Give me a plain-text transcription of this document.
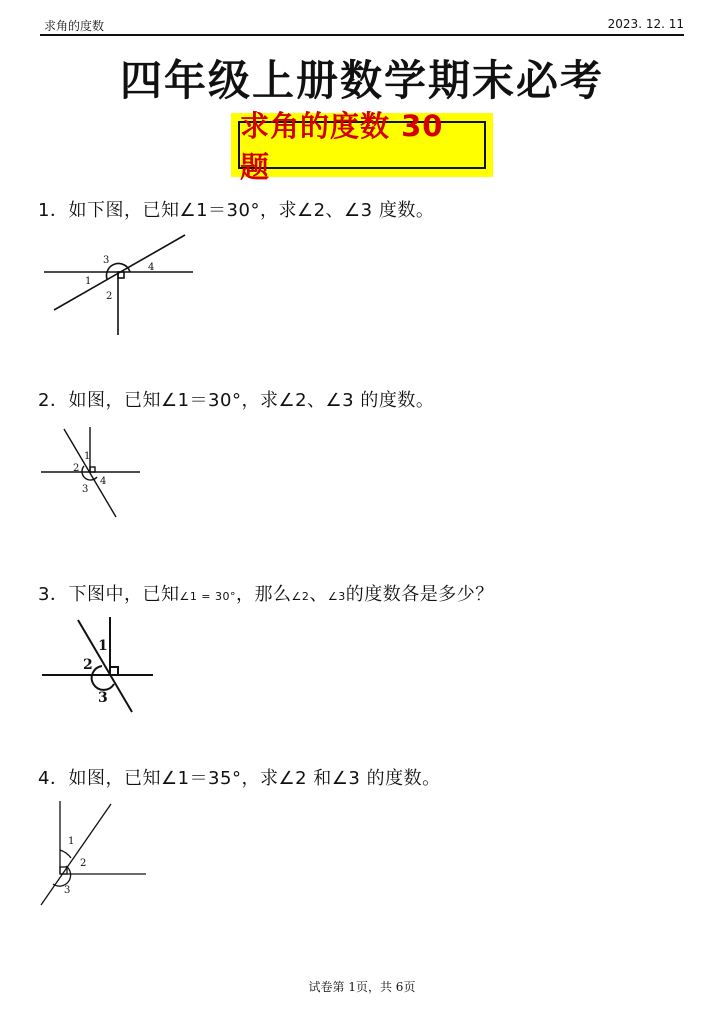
求角的度数	2023. 12. 11
四年级上册数学期末必考
求角的度数 30 题
1．如下图，已知∠1＝30°，求∠2、∠3 度数。
1
2
3
4
2．如图，已知∠1＝30°，求∠2、∠3 的度数。
1
2
3
4
3．下图中，已知∠1 = 30°，那么∠2、∠3的度数各是多少？
1
2
3
4．如图，已知∠1＝35°，求∠2 和∠3 的度数。
1
2
3
试卷第 1页，共 6页
